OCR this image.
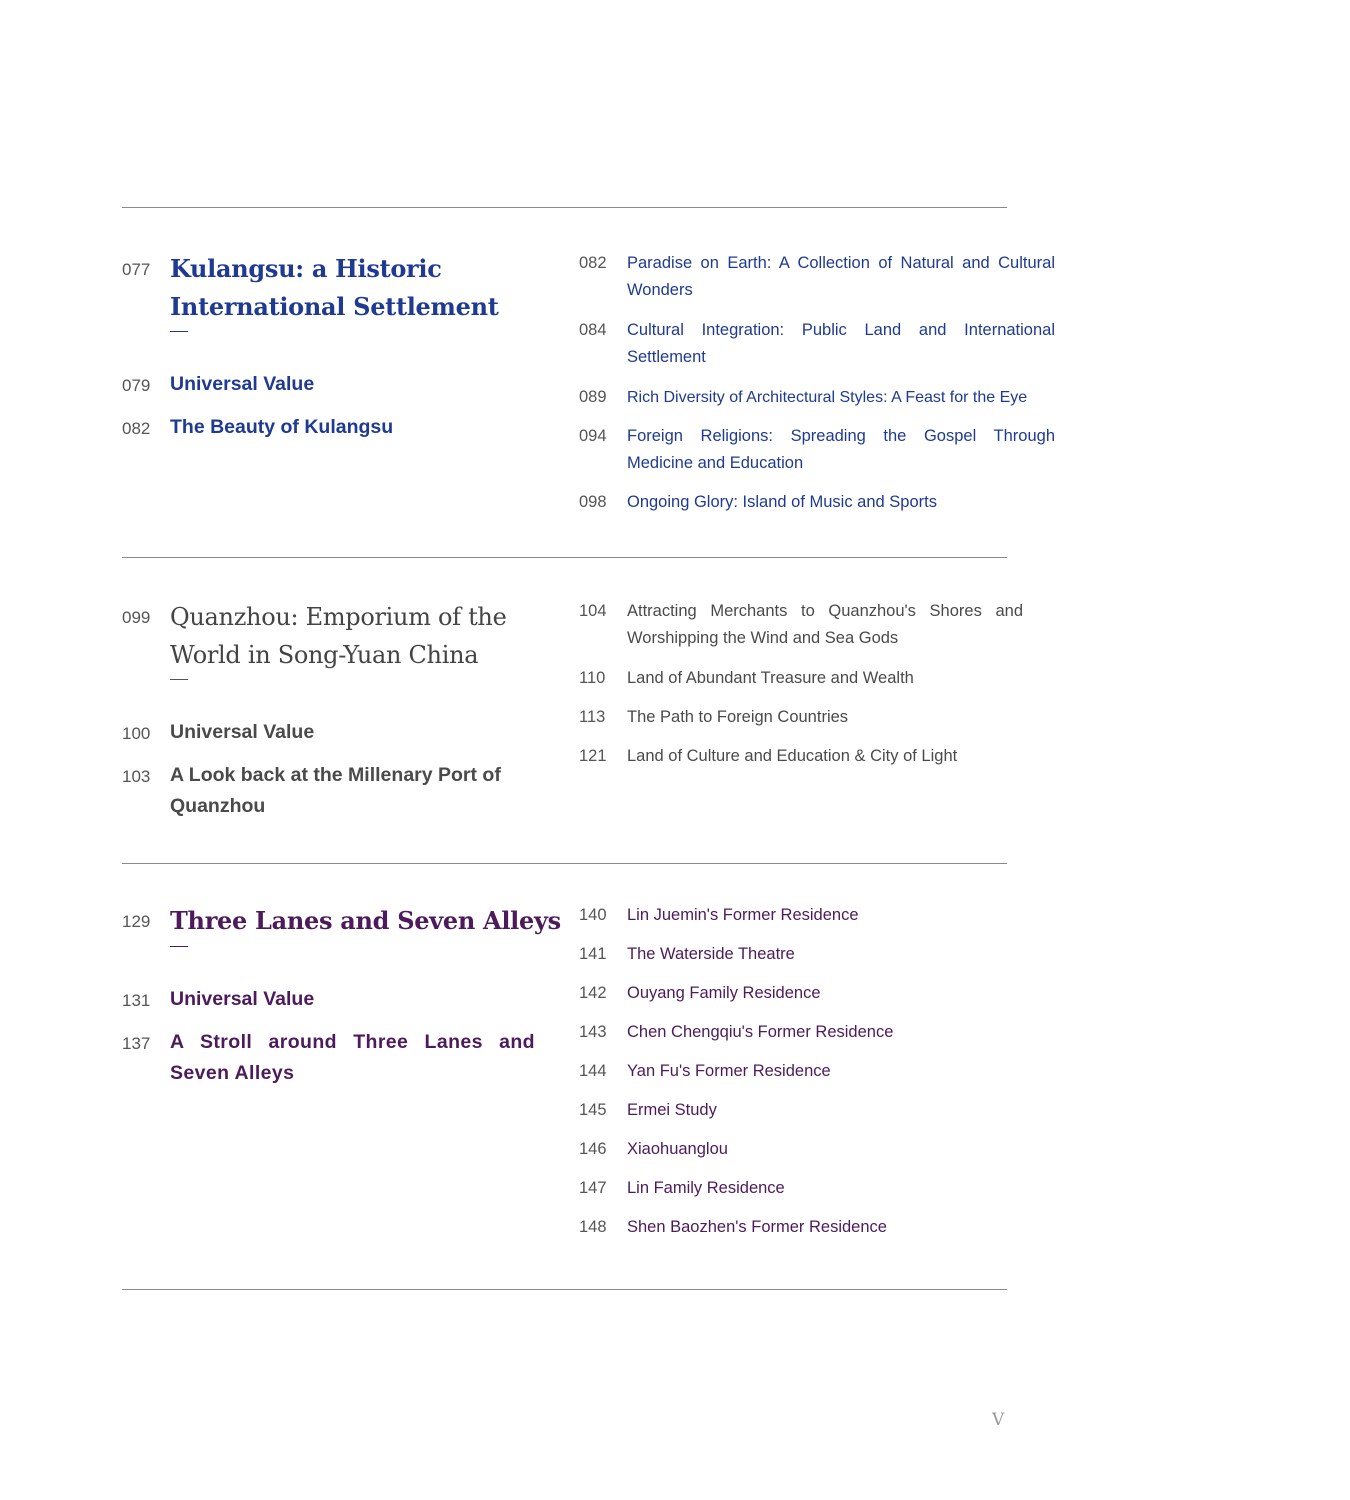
077 Kulangsu: a Historic International Settlement
079 Universal Value
082 The Beauty of Kulangsu
082 Paradise on Earth: A Collection of Natural and Cultural Wonders
084 Cultural Integration: Public Land and International Settlement
089 Rich Diversity of Architectural Styles: A Feast for the Eye
094 Foreign Religions: Spreading the Gospel Through Medicine and Education
098 Ongoing Glory: Island of Music and Sports
099 Quanzhou: Emporium of the World in Song-Yuan China
100 Universal Value
103 A Look back at the Millenary Port of Quanzhou
104 Attracting Merchants to Quanzhou's Shores and Worshipping the Wind and Sea Gods
110 Land of Abundant Treasure and Wealth
113 The Path to Foreign Countries
121 Land of Culture and Education & City of Light
129 Three Lanes and Seven Alleys
131 Universal Value
137 A Stroll around Three Lanes and Seven Alleys
140 Lin Juemin's Former Residence
141 The Waterside Theatre
142 Ouyang Family Residence
143 Chen Chengqiu's Former Residence
144 Yan Fu's Former Residence
145 Ermei Study
146 Xiaohuanglou
147 Lin Family Residence
148 Shen Baozhen's Former Residence
V
